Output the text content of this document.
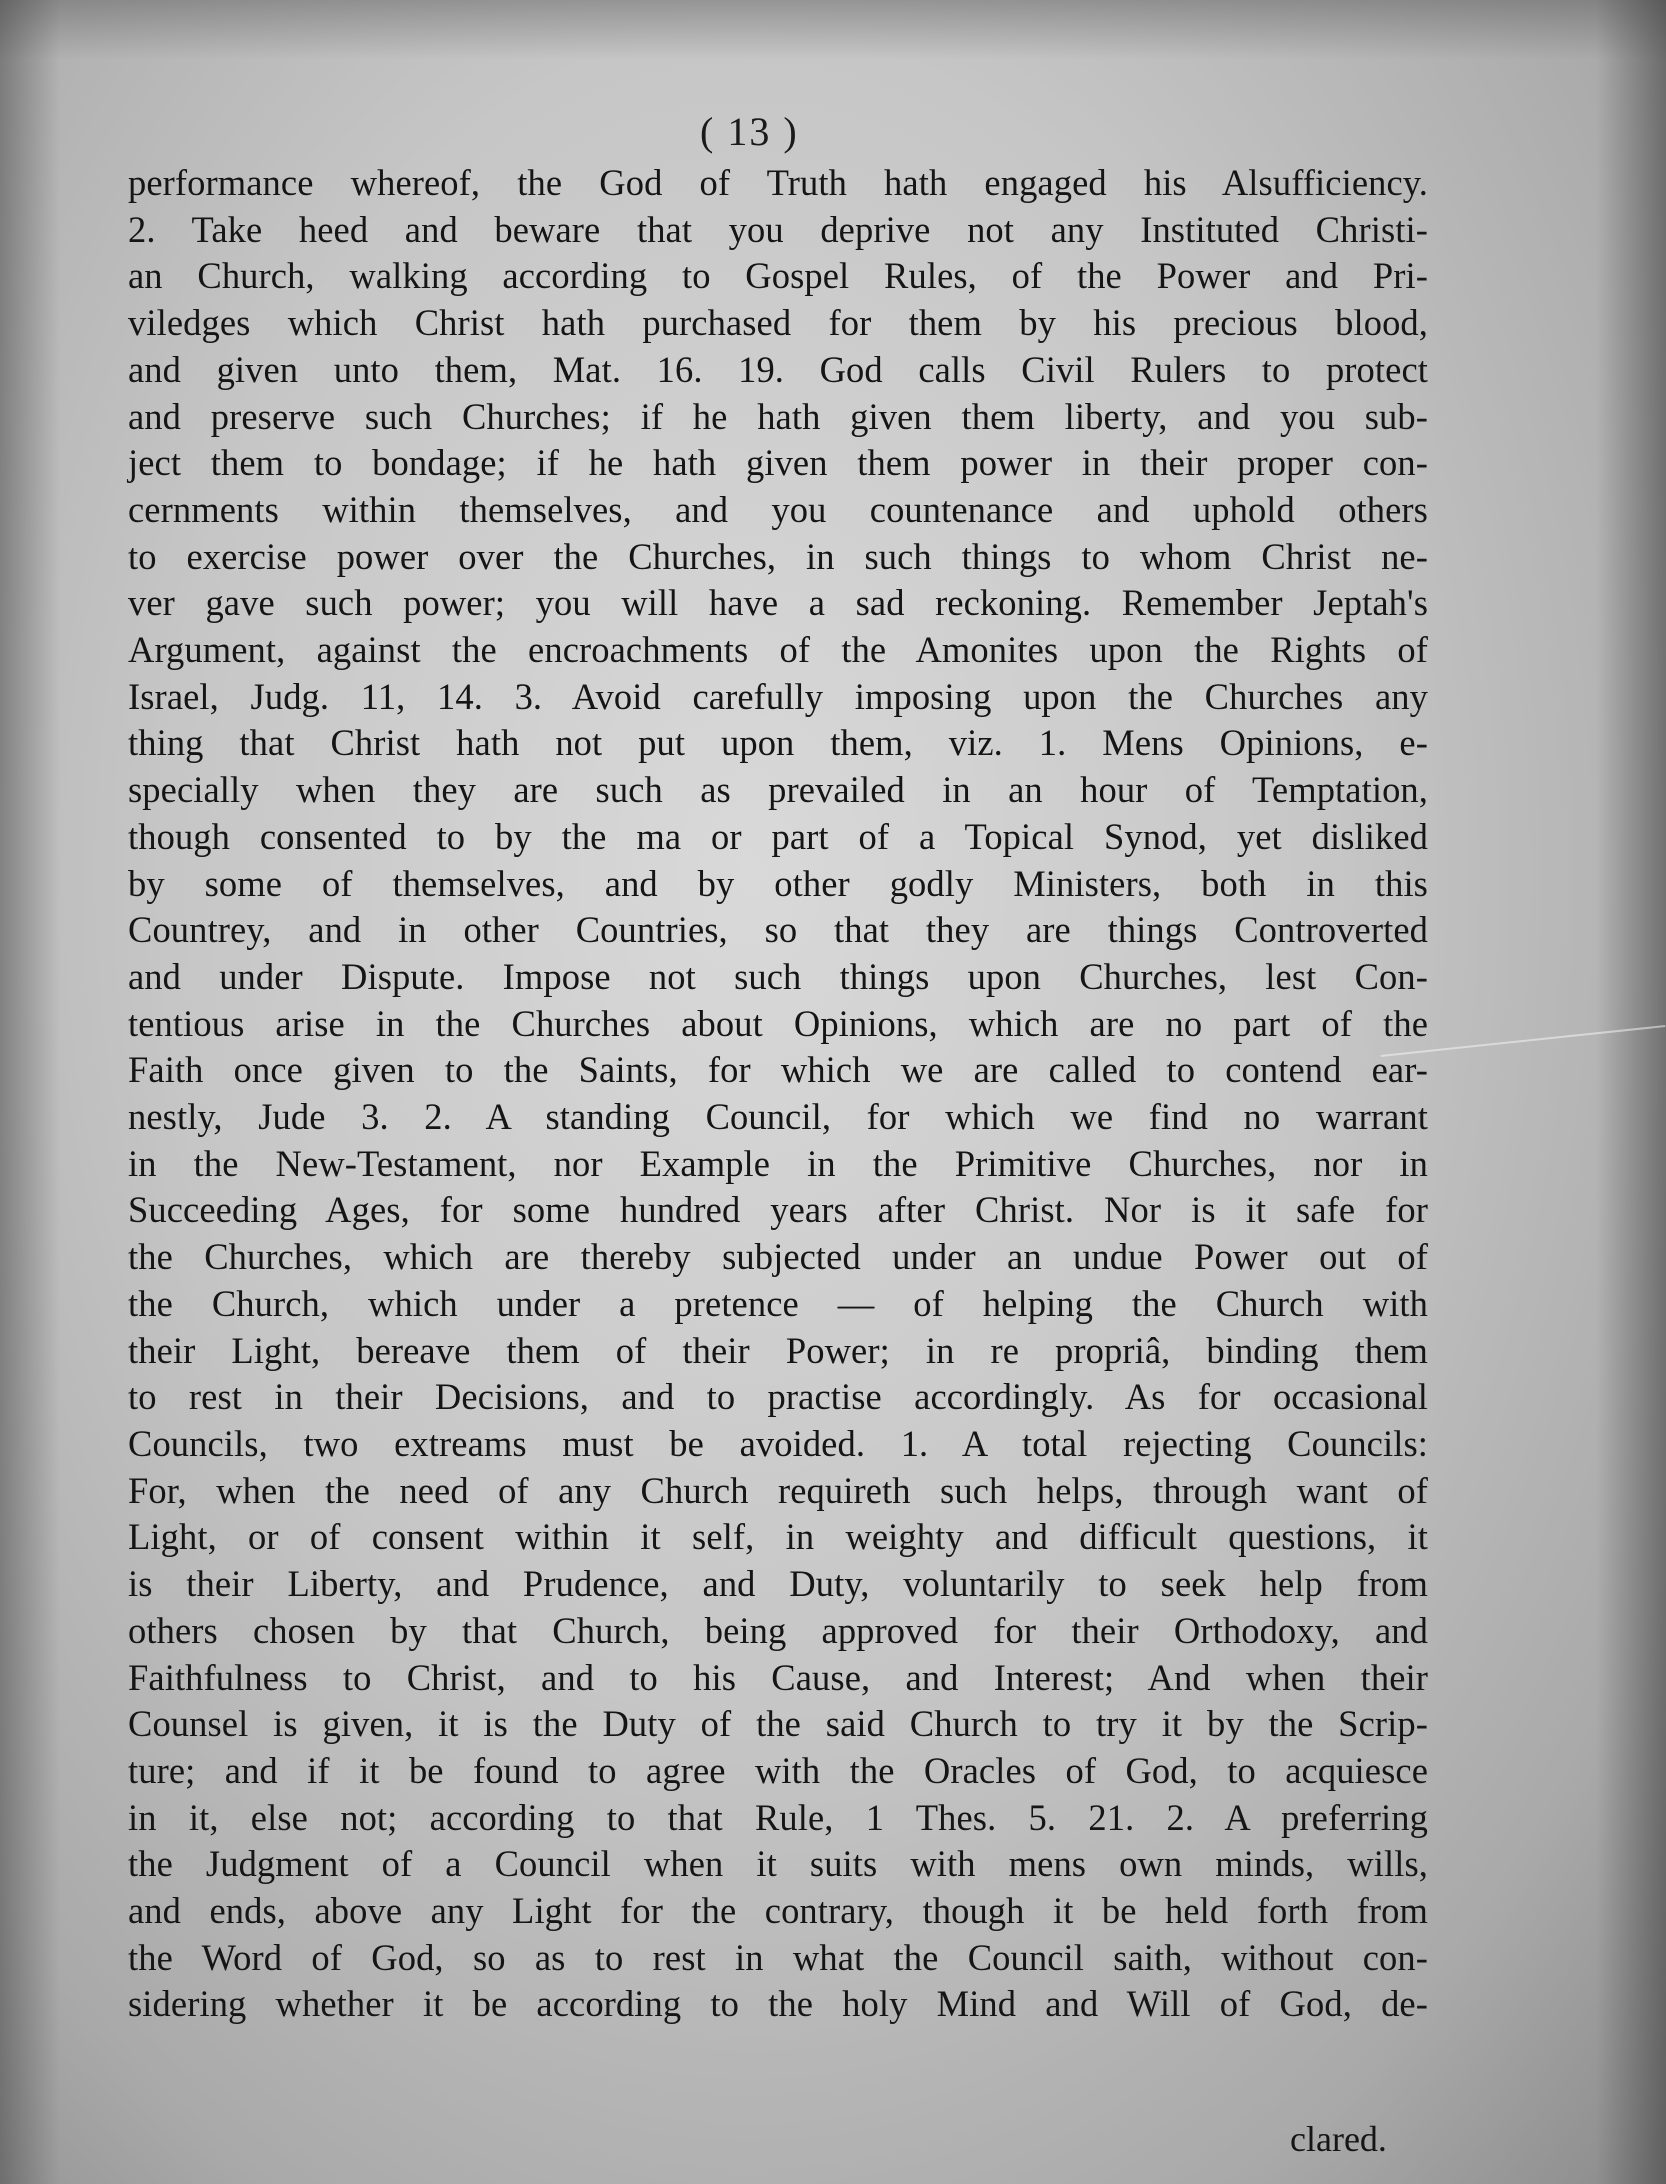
( 13 )
performance whereof, the God of Truth hath engaged his Alsufficiency.
2. Take heed and beware that you deprive not any Instituted Christi-
an Church, walking according to Gospel Rules, of the Power and Pri-
viledges which Christ hath purchased for them by his precious blood,
and given unto them, Mat. 16. 19. God calls Civil Rulers to protect
and preserve such Churches; if he hath given them liberty, and you sub-
ject them to bondage; if he hath given them power in their proper con-
cernments within themselves, and you countenance and uphold others
to exercise power over the Churches, in such things to whom Christ ne-
ver gave such power; you will have a sad reckoning. Remember Jeptah's
Argument, against the encroachments of the Amonites upon the Rights of
Israel, Judg. 11, 14. 3. Avoid carefully imposing upon the Churches any
thing that Christ hath not put upon them, viz. 1. Mens Opinions, e-
specially when they are such as prevailed in an hour of Temptation,
though consented to by the ma or part of a Topical Synod, yet disliked
by some of themselves, and by other godly Ministers, both in this
Countrey, and in other Countries, so that they are things Controverted
and under Dispute. Impose not such things upon Churches, lest Con-
tentious arise in the Churches about Opinions, which are no part of the
Faith once given to the Saints, for which we are called to contend ear-
nestly, Jude 3. 2. A standing Council, for which we find no warrant
in the New-Testament, nor Example in the Primitive Churches, nor in
Succeeding Ages, for some hundred years after Christ. Nor is it safe for
the Churches, which are thereby subjected under an undue Power out of
the Church, which under a pretence — of helping the Church with
their Light, bereave them of their Power; in re propriâ, binding them
to rest in their Decisions, and to practise accordingly. As for occasional
Councils, two extreams must be avoided. 1. A total rejecting Councils:
For, when the need of any Church requireth such helps, through want of
Light, or of consent within it self, in weighty and difficult questions, it
is their Liberty, and Prudence, and Duty, voluntarily to seek help from
others chosen by that Church, being approved for their Orthodoxy, and
Faithfulness to Christ, and to his Cause, and Interest; And when their
Counsel is given, it is the Duty of the said Church to try it by the Scrip-
ture; and if it be found to agree with the Oracles of God, to acquiesce
in it, else not; according to that Rule, 1 Thes. 5. 21. 2. A preferring
the Judgment of a Council when it suits with mens own minds, wills,
and ends, above any Light for the contrary, though it be held forth from
the Word of God, so as to rest in what the Council saith, without con-
sidering whether it be according to the holy Mind and Will of God, de-
clared.
